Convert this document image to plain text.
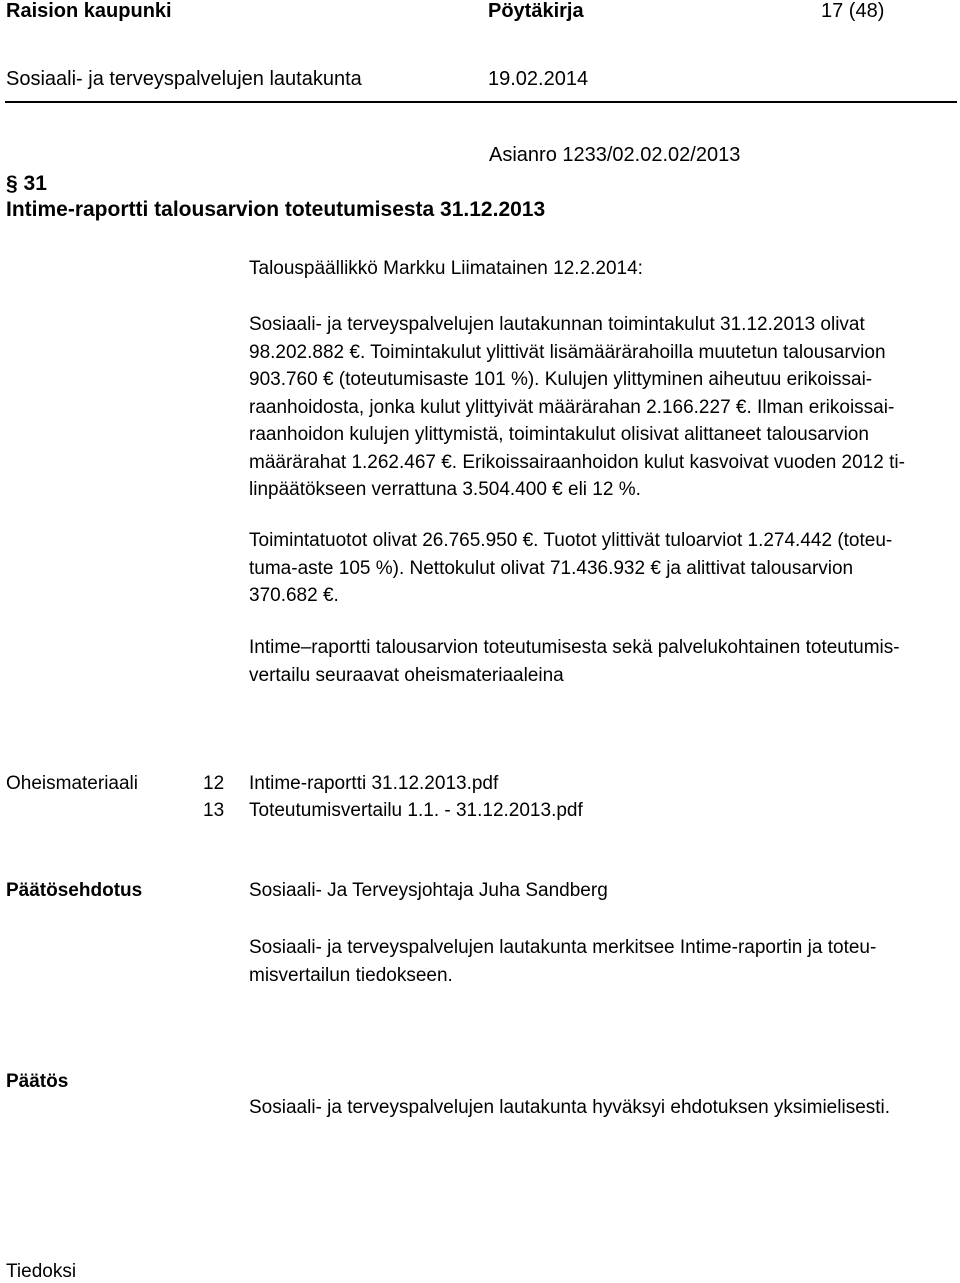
Raision kaupunki	Pöytäkirja	17 (48)
Sosiaali- ja terveyspalvelujen lautakunta	19.02.2014
Asianro 1233/02.02.02/2013
§ 31
Intime-raportti talousarvion toteutumisesta 31.12.2013
Talouspäällikkö Markku Liimatainen 12.2.2014:
Sosiaali- ja terveyspalvelujen lautakunnan toimintakulut 31.12.2013 olivat
98.202.882 €. Toimintakulut ylittivät lisämäärärahoilla muutetun talousarvion
903.760 € (toteutumisaste 101 %). Kulujen ylittyminen aiheutuu erikoissai-
raanhoidosta, jonka kulut ylittyivät määrärahan 2.166.227 €. Ilman erikoissai-
raanhoidon kulujen ylittymistä, toimintakulut olisivat alittaneet talousarvion
määrärahat 1.262.467 €. Erikoissairaanhoidon kulut kasvoivat vuoden 2012 ti-
linpäätökseen verrattuna 3.504.400 € eli 12 %.
Toimintatuotot olivat 26.765.950 €. Tuotot ylittivät tuloarviot 1.274.442 (toteu-
tuma-aste 105 %). Nettokulut olivat 71.436.932 € ja alittivat talousarvion
370.682 €.
Intime–raportti talousarvion toteutumisesta sekä palvelukohtainen toteutumis-
vertailu seuraavat oheismateriaaleina
Oheismateriaali	12 Intime-raportti 31.12.2013.pdf
13 Toteutumisvertailu 1.1. - 31.12.2013.pdf
Päätösehdotus	Sosiaali- Ja Terveysjohtaja Juha Sandberg
Sosiaali- ja terveyspalvelujen lautakunta merkitsee Intime-raportin ja toteu-
misvertailun tiedokseen.
Päätös
Sosiaali- ja terveyspalvelujen lautakunta hyväksyi ehdotuksen yksimielisesti.
Tiedoksi
